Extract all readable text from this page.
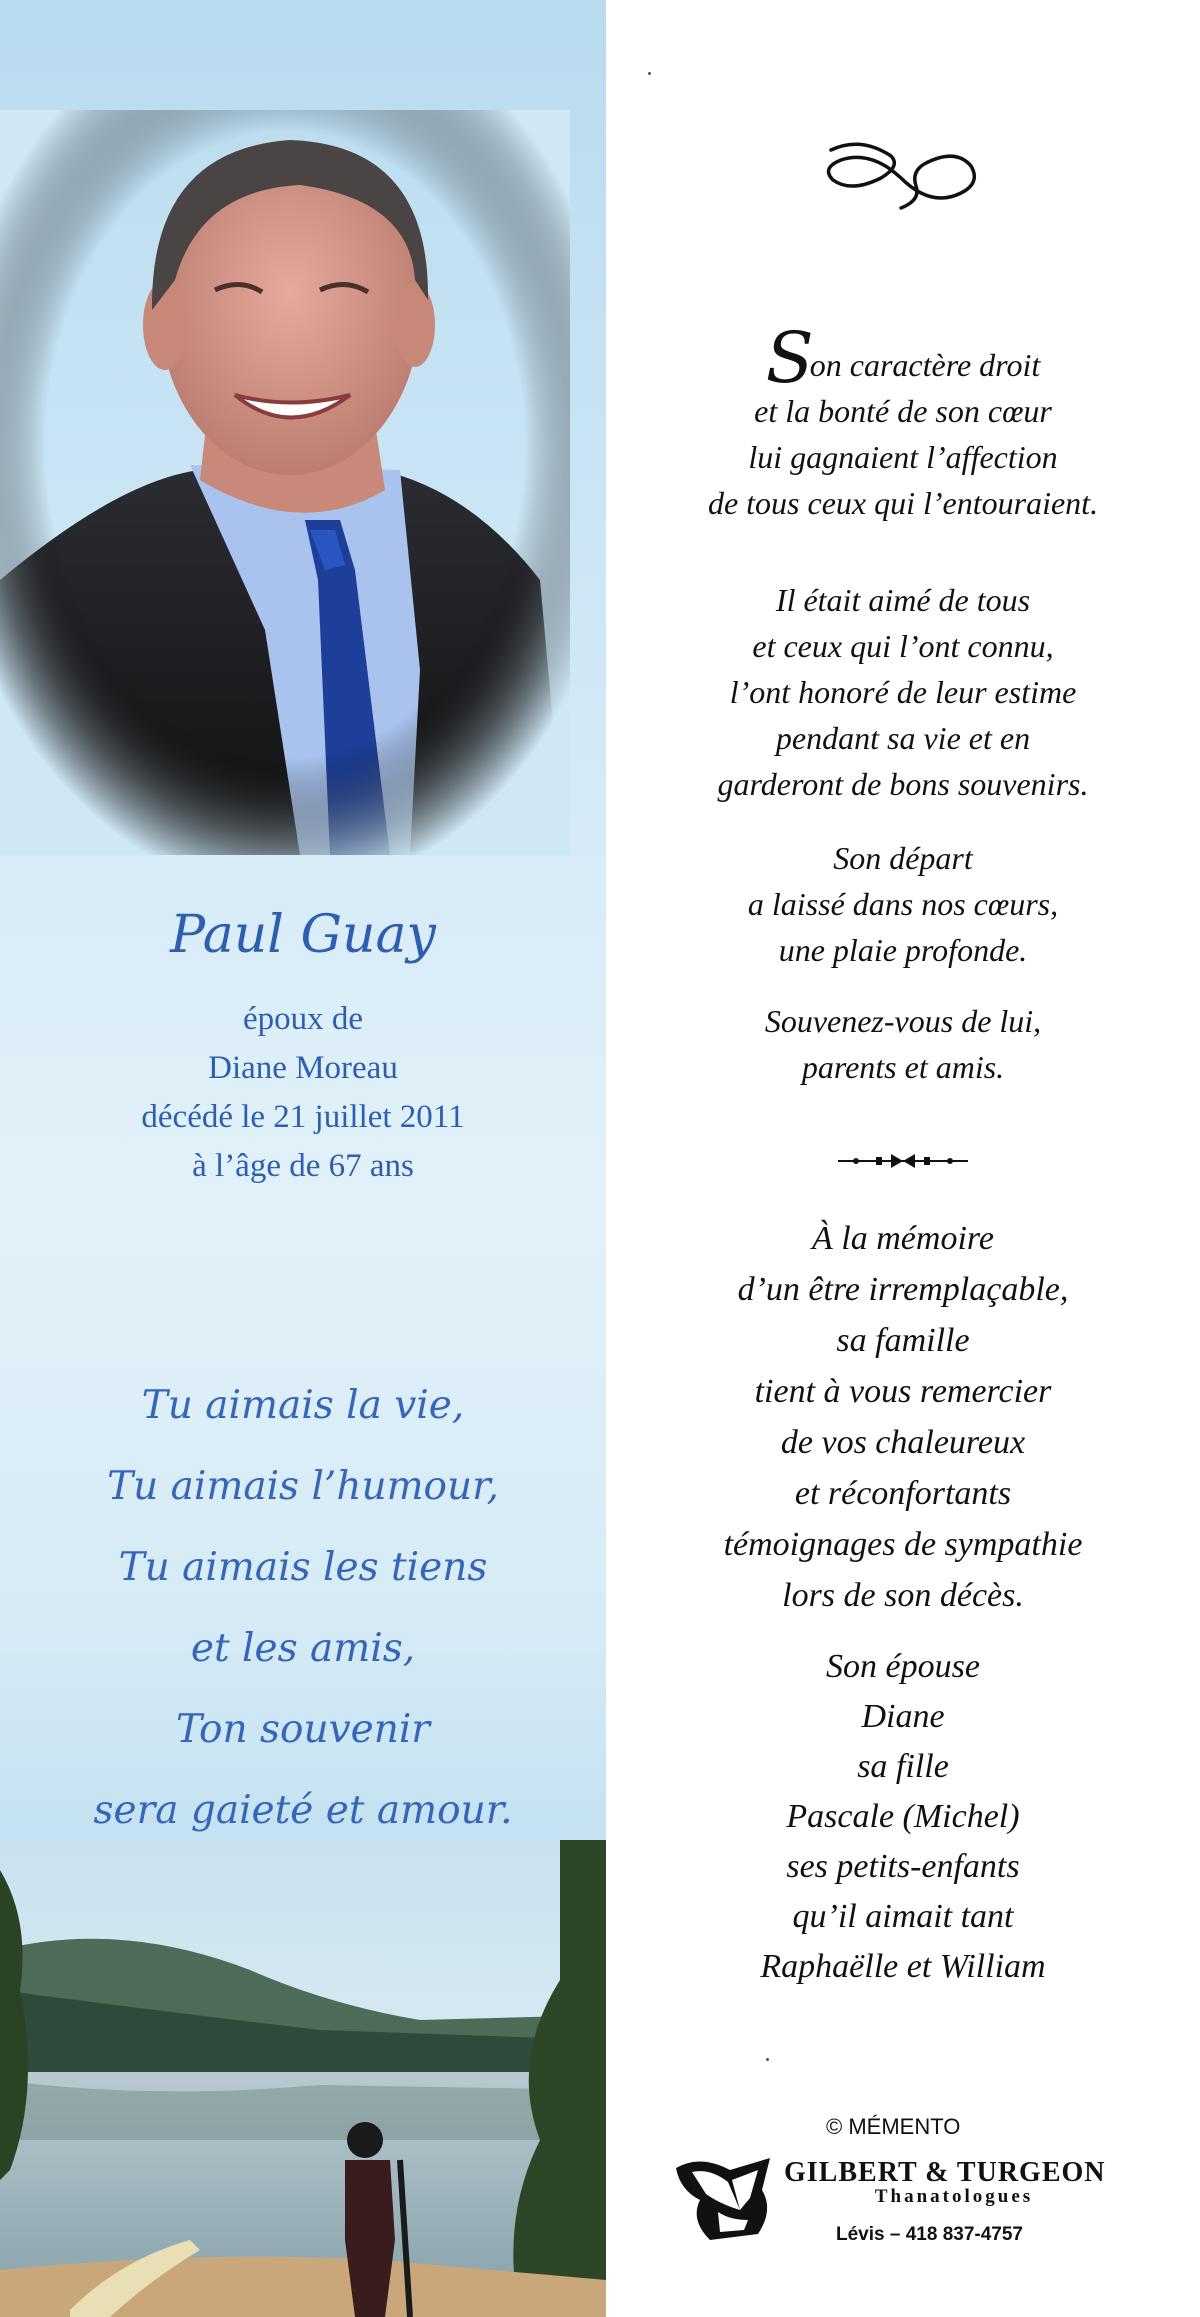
Paul Guay
époux de
Diane Moreau
décédé le 21 juillet 2011
à l’âge de 67 ans
Tu aimais la vie,
Tu aimais l’humour,
Tu aimais les tiens
et les amis,
Ton souvenir
sera gaieté et amour.
Son caractère droit
et la bonté de son cœur
lui gagnaient l’affection
de tous ceux qui l’entouraient.
Il était aimé de tous
et ceux qui l’ont connu,
l’ont honoré de leur estime
pendant sa vie et en
garderont de bons souvenirs.
Son départ
a laissé dans nos cœurs,
une plaie profonde.
Souvenez-vous de lui,
parents et amis.
À la mémoire
d’un être irremplaçable,
sa famille
tient à vous remercier
de vos chaleureux
et réconfortants
témoignages de sympathie
lors de son décès.
Son épouse
Diane
sa fille
Pascale (Michel)
ses petits-enfants
qu’il aimait tant
Raphaëlle et William
© MÉMENTO
GILBERT & TURGEON
Thanatologues
Lévis – 418 837-4757
